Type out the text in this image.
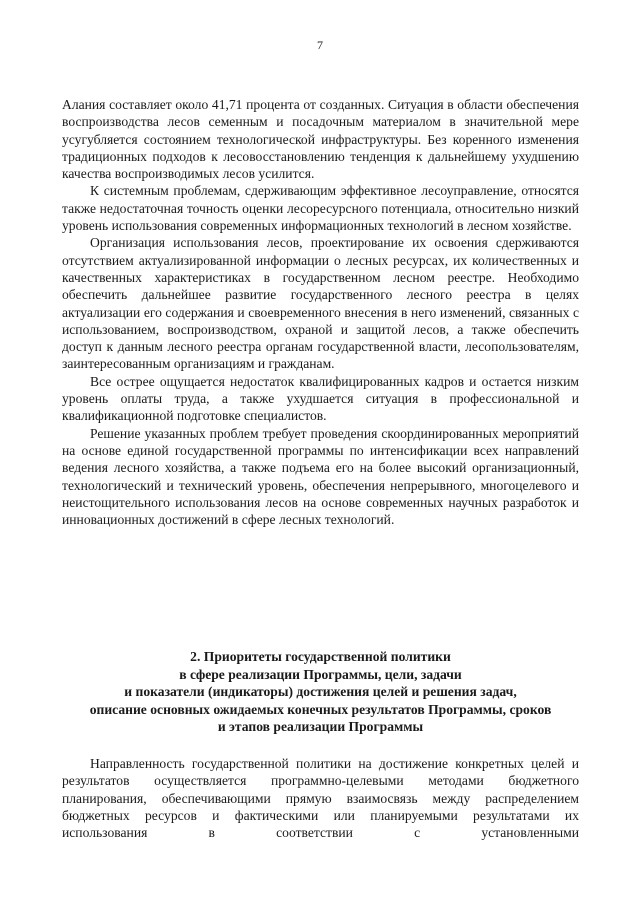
7

Алания составляет около 41,71 процента от созданных. Ситуация в области обеспечения воспроизводства лесов семенным и посадочным материалом в значительной мере усугубляется состоянием технологической инфраструктуры. Без коренного изменения традиционных подходов к лесовосстановлению тенденция к дальнейшему ухудшению качества воспроизводимых лесов усилится.

К системным проблемам, сдерживающим эффективное лесоуправление, относятся также недостаточная точность оценки лесоресурсного потенциала, относительно низкий уровень использования современных информационных технологий в лесном хозяйстве.

Организация использования лесов, проектирование их освоения сдерживаются отсутствием актуализированной информации о лесных ресурсах, их количественных и качественных характеристиках в государственном лесном реестре. Необходимо обеспечить дальнейшее развитие государственного лесного реестра в целях актуализации его содержания и своевременного внесения в него изменений, связанных с использованием, воспроизводством, охраной и защитой лесов, а также обеспечить доступ к данным лесного реестра органам государственной власти, лесопользователям, заинтересованным организациям и гражданам.

Все острее ощущается недостаток квалифицированных кадров и остается низким уровень оплаты труда, а также ухудшается ситуация в профессиональной и квалификационной подготовке специалистов.

Решение указанных проблем требует проведения скоординированных мероприятий на основе единой государственной программы по интенсификации всех направлений ведения лесного хозяйства, а также подъема его на более высокий организационный, технологический и технический уровень, обеспечения непрерывного, многоцелевого и неистощительного использования лесов на основе современных научных разработок и инновационных достижений в сфере лесных технологий.

2. Приоритеты государственной политики
в сфере реализации Программы, цели, задачи
и показатели (индикаторы) достижения целей и решения задач,
описание основных ожидаемых конечных результатов Программы, сроков
и этапов реализации Программы

Направленность государственной политики на достижение конкретных целей и результатов осуществляется программно-целевыми методами бюджетного планирования, обеспечивающими прямую взаимосвязь между распределением бюджетных ресурсов и фактическими или планируемыми результатами их использования в соответствии с установленными
